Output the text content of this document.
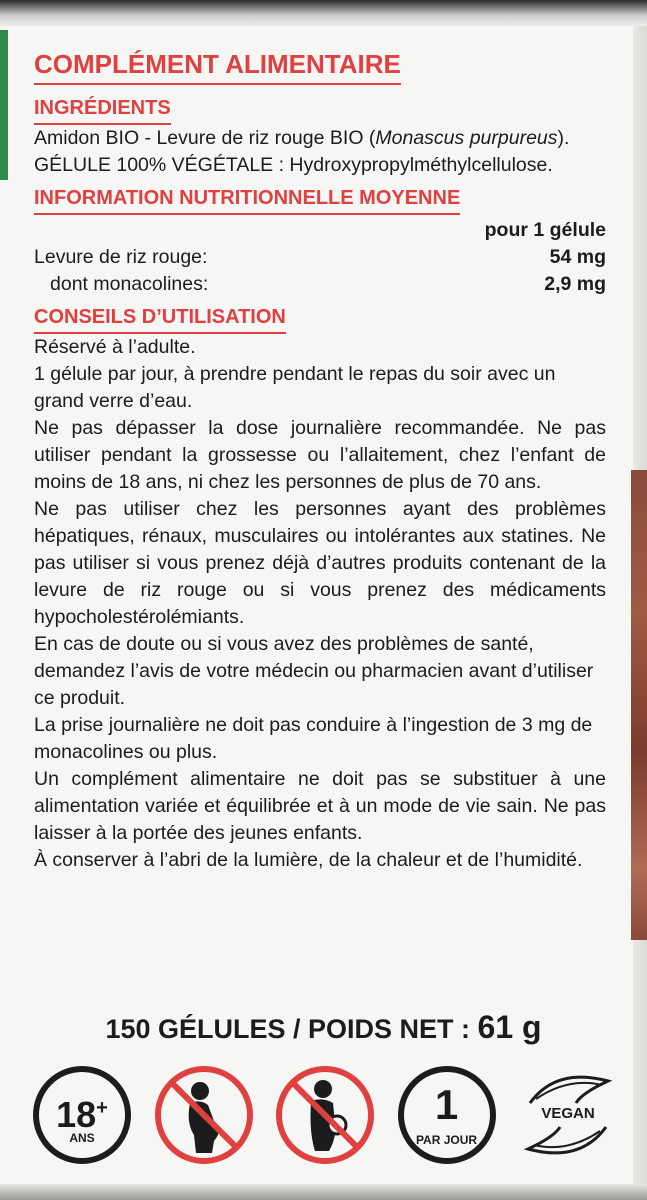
COMPLÉMENT ALIMENTAIRE
INGRÉDIENTS

Amidon BIO - Levure de riz rouge BIO (Monascus purpureus). GÉLULE 100% VÉGÉTALE : Hydroxypropylméthylcellulose.

INFORMATION NUTRITIONNELLE MOYENNE
pour 1 gélule
Levure de riz rouge:	54 mg
dont monacolines:	2,9 mg
CONSEILS D’UTILISATION

Réservé à l’adulte.

1 gélule par jour, à prendre pendant le repas du soir avec un grand verre d’eau.

Ne pas dépasser la dose journalière recommandée. Ne pas utiliser pendant la grossesse ou l’allaitement, chez l’enfant de moins de 18 ans, ni chez les personnes de plus de 70 ans.

Ne pas utiliser chez les personnes ayant des problèmes hépatiques, rénaux, musculaires ou intolérantes aux statines. Ne pas utiliser si vous prenez déjà d’autres produits contenant de la levure de riz rouge ou si vous prenez des médicaments hypocholestérolémiants.

En cas de doute ou si vous avez des problèmes de santé, demandez l’avis de votre médecin ou pharmacien avant d’utiliser ce produit.

La prise journalière ne doit pas conduire à l’ingestion de 3 mg de monacolines ou plus.

Un complément alimentaire ne doit pas se substituer à une alimentation variée et équilibrée et à un mode de vie sain. Ne pas laisser à la portée des jeunes enfants.

À conserver à l’abri de la lumière, de la chaleur et de l’humidité.

150 GÉLULES / POIDS NET : 61 g
18+
ANS
1
PAR JOUR
VEGAN
